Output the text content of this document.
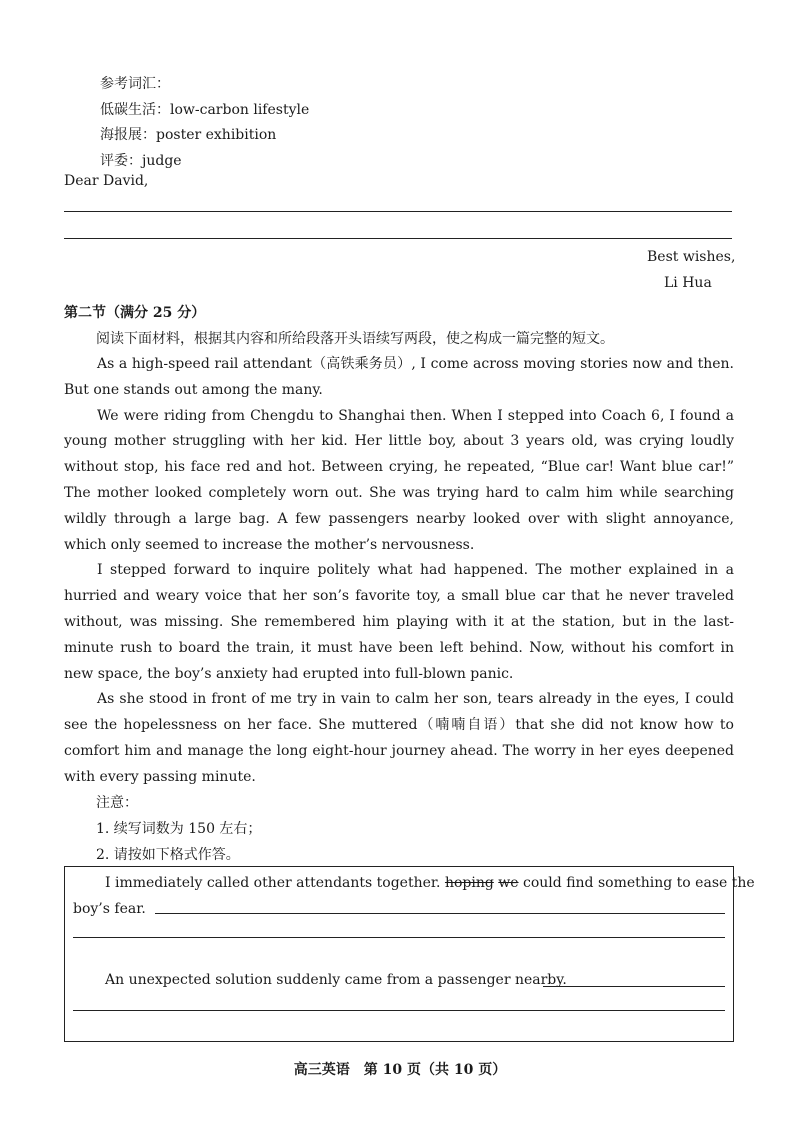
参考词汇：
低碳生活：low-carbon lifestyle
海报展：poster exhibition
评委：judge
Dear David,
Best wishes,
Li Hua
第二节（满分 25 分）
阅读下面材料，根据其内容和所给段落开头语续写两段，使之构成一篇完整的短文。

As a high-speed rail attendant（高铁乘务员）, I come across moving stories now and then. But one stands out among the many.

We were riding from Chengdu to Shanghai then. When I stepped into Coach 6, I found a young mother struggling with her kid. Her little boy, about 3 years old, was crying loudly without stop, his face red and hot. Between crying, he repeated, “Blue car! Want blue car!” The mother looked completely worn out. She was trying hard to calm him while searching wildly through a large bag. A few passengers nearby looked over with slight annoyance, which only seemed to increase the mother’s nervousness.

I stepped forward to inquire politely what had happened. The mother explained in a hurried and weary voice that her son’s favorite toy, a small blue car that he never traveled without, was missing. She remembered him playing with it at the station, but in the last-minute rush to board the train, it must have been left behind. Now, without his comfort in new space, the boy’s anxiety had erupted into full-blown panic.

As she stood in front of me try in vain to calm her son, tears already in the eyes, I could see the hopelessness on her face. She muttered（喃喃自语）that she did not know how to comfort him and manage the long eight-hour journey ahead. The worry in her eyes deepened with every passing minute.

注意：
1. 续写词数为 150 左右；
2. 请按如下格式作答。
I immediately called other attendants together. hoping we could find something to ease the
boy’s fear.
An unexpected solution suddenly came from a passenger nearby.
高三英语　第 10 页（共 10 页）
